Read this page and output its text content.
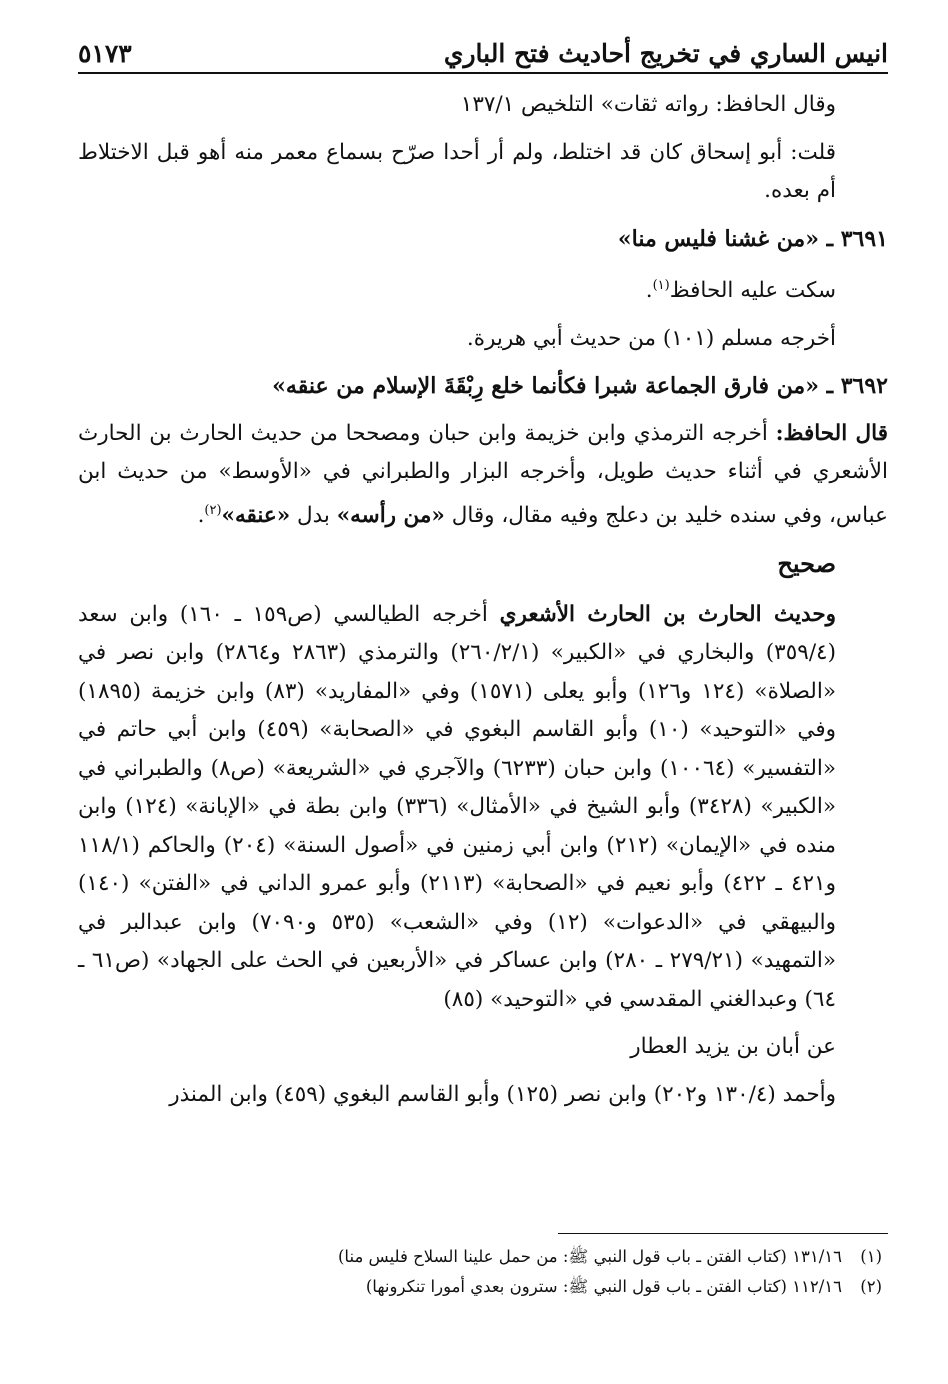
انيس الساري في تخريج أحاديث فتح الباري
٥١٧٣

وقال الحافظ: رواته ثقات» التلخيص ١٣٧/١

قلت: أبو إسحاق كان قد اختلط، ولم أر أحدا صرّح بسماع معمر منه أهو قبل الاختلاط أم بعده.

٣٦٩١ ـ «من غشنا فليس منا»

سكت عليه الحافظ$^{(١)}$.

أخرجه مسلم (١٠١) من حديث أبي هريرة.

٣٦٩٢ ـ «من فارق الجماعة شبرا فكأنما خلع رِبْقَةَ الإسلام من عنقه»

قال الحافظ: أخرجه الترمذي وابن خزيمة وابن حبان ومصححا من حديث الحارث بن الحارث الأشعري في أثناء حديث طويل، وأخرجه البزار والطبراني في «الأوسط» من حديث ابن عباس، وفي سنده خليد بن دعلج وفيه مقال، وقال «من رأسه» بدل «عنقه»$^{(٢)}$.

صحيح

وحديث الحارث بن الحارث الأشعري أخرجه الطيالسي (ص١٥٩ ـ ١٦٠) وابن سعد (٣٥٩/٤) والبخاري في «الكبير» (٢٦٠/٢/١) والترمذي (٢٨٦٣ و٢٨٦٤) وابن نصر في «الصلاة» (١٢٤ و١٢٦) وأبو يعلى (١٥٧١) وفي «المفاريد» (٨٣) وابن خزيمة (١٨٩٥) وفي «التوحيد» (١٠) وأبو القاسم البغوي في «الصحابة» (٤٥٩) وابن أبي حاتم في «التفسير» (١٠٠٦٤) وابن حبان (٦٢٣٣) والآجري في «الشريعة» (ص٨) والطبراني في «الكبير» (٣٤٢٨) وأبو الشيخ في «الأمثال» (٣٣٦) وابن بطة في «الإبانة» (١٢٤) وابن منده في «الإيمان» (٢١٢) وابن أبي زمنين في «أصول السنة» (٢٠٤) والحاكم (١١٨/١ و٤٢١ ـ ٤٢٢) وأبو نعيم في «الصحابة» (٢١١٣) وأبو عمرو الداني في «الفتن» (١٤٠) والبيهقي في «الدعوات» (١٢) وفي «الشعب» (٥٣٥ و٧٠٩٠) وابن عبدالبر في «التمهيد» (٢٧٩/٢١ ـ ٢٨٠) وابن عساكر في «الأربعين في الحث على الجهاد» (ص٦١ ـ ٦٤) وعبدالغني المقدسي في «التوحيد» (٨٥)

عن أبان بن يزيد العطار

وأحمد (١٣٠/٤ و٢٠٢) وابن نصر (١٢٥) وأبو القاسم البغوي (٤٥٩) وابن المنذر

(١)١٣١/١٦ (كتاب الفتن ـ باب قول النبي ﷺ: من حمل علينا السلاح فليس منا)
(٢)١١٢/١٦ (كتاب الفتن ـ باب قول النبي ﷺ: سترون بعدي أمورا تنكرونها)
